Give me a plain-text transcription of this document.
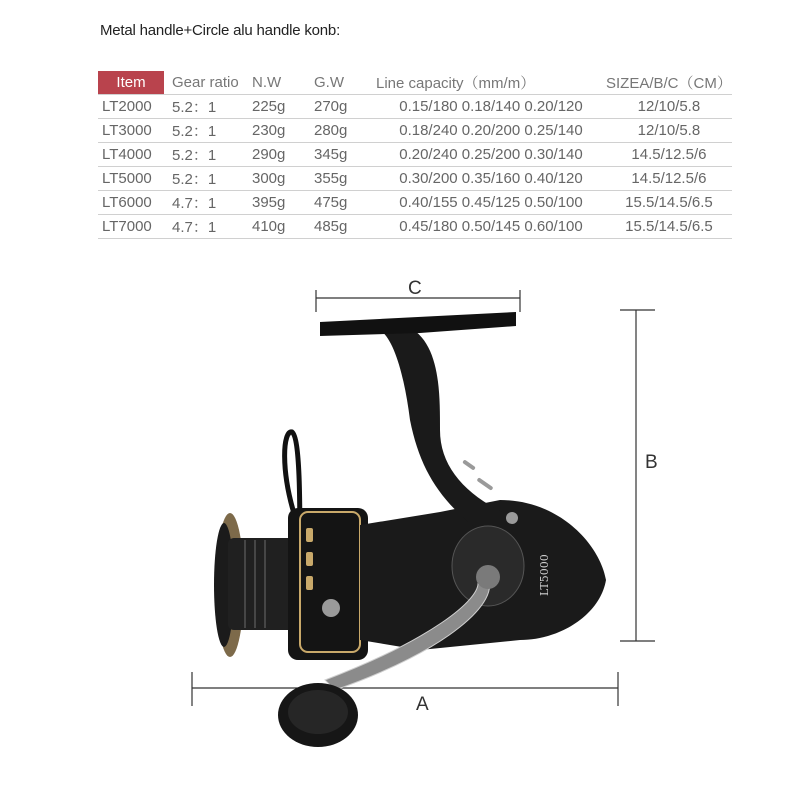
Metal handle+Circle alu handle konb:
Item	Gear ratio	N.W	G.W	Line capacity（mm/m）	SIZEA/B/C（CM）
LT2000	5.2：1	225g	270g	0.15/180 0.18/140 0.20/120	12/10/5.8
LT3000	5.2：1	230g	280g	0.18/240 0.20/200 0.25/140	12/10/5.8
LT4000	5.2：1	290g	345g	0.20/240 0.25/200 0.30/140	14.5/12.5/6
LT5000	5.2：1	300g	355g	0.30/200 0.35/160 0.40/120	14.5/12.5/6
LT6000	4.7：1	395g	475g	0.40/155 0.45/125 0.50/100	15.5/14.5/6.5
LT7000	4.7：1	410g	485g	0.45/180 0.50/145 0.60/100	15.5/14.5/6.5
LT5000
C
B
A
